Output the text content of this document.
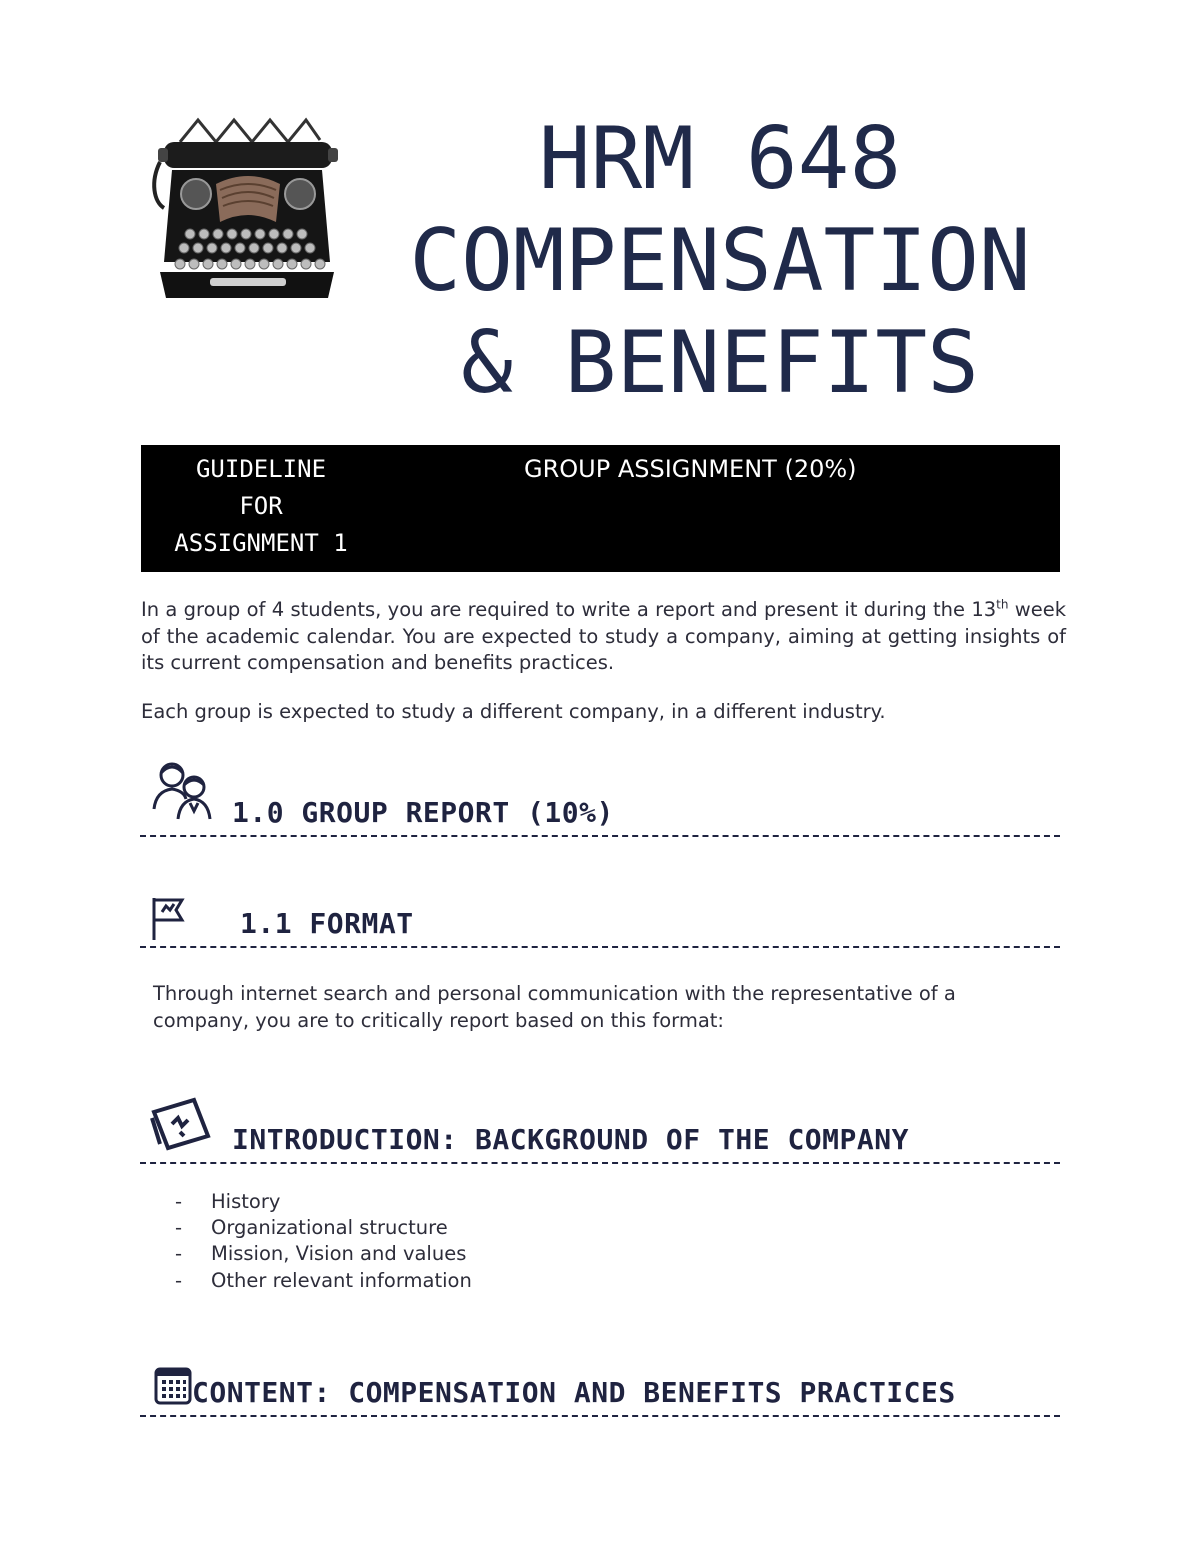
HRM 648
COMPENSATION
& BENEFITS
GUIDELINE
FOR
ASSIGNMENT 1
GROUP ASSIGNMENT (20%)

In a group of 4 students, you are required to write a report and present it during the 13th week of the academic calendar. You are expected to study a company, aiming at getting insights of its current compensation and benefits practices.

Each group is expected to study a different company, in a different industry.

1.0 GROUP REPORT (10%)
1.1 FORMAT

Through internet search and personal communication with the representative of a company, you are to critically report based on this format:

INTRODUCTION: BACKGROUND OF THE COMPANY
- History
- Organizational structure
- Mission, Vision and values
- Other relevant information
CONTENT: COMPENSATION AND BENEFITS PRACTICES
